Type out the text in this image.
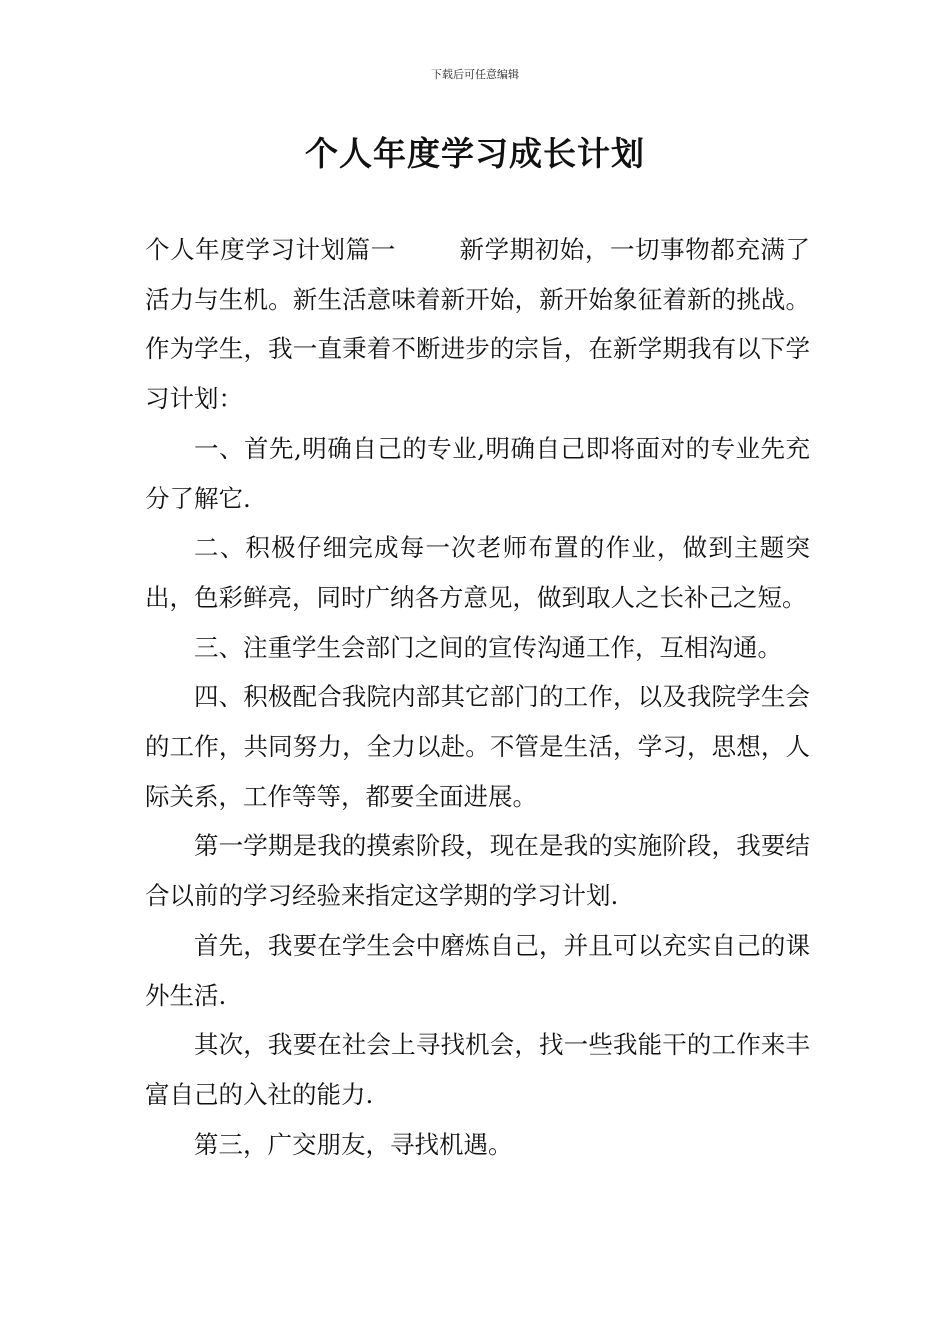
下载后可任意编辑
个人年度学习成长计划

个人年度学习计划篇一	新学期初始，一切事物都充满了活力与生机。新生活意味着新开始，新开始象征着新的挑战。作为学生，我一直秉着不断进步的宗旨，在新学期我有以下学习计划：

一、首先,明确自己的专业,明确自己即将面对的专业先充分了解它.

二、积极仔细完成每一次老师布置的作业，做到主题突出，色彩鲜亮，同时广纳各方意见，做到取人之长补己之短。

三、注重学生会部门之间的宣传沟通工作，互相沟通。

四、积极配合我院内部其它部门的工作，以及我院学生会的工作，共同努力，全力以赴。不管是生活，学习，思想，人际关系，工作等等，都要全面进展。

第一学期是我的摸索阶段，现在是我的实施阶段，我要结合以前的学习经验来指定这学期的学习计划.

首先，我要在学生会中磨炼自己，并且可以充实自己的课外生活.

其次，我要在社会上寻找机会，找一些我能干的工作来丰富自己的入社的能力.

第三，广交朋友，寻找机遇。
